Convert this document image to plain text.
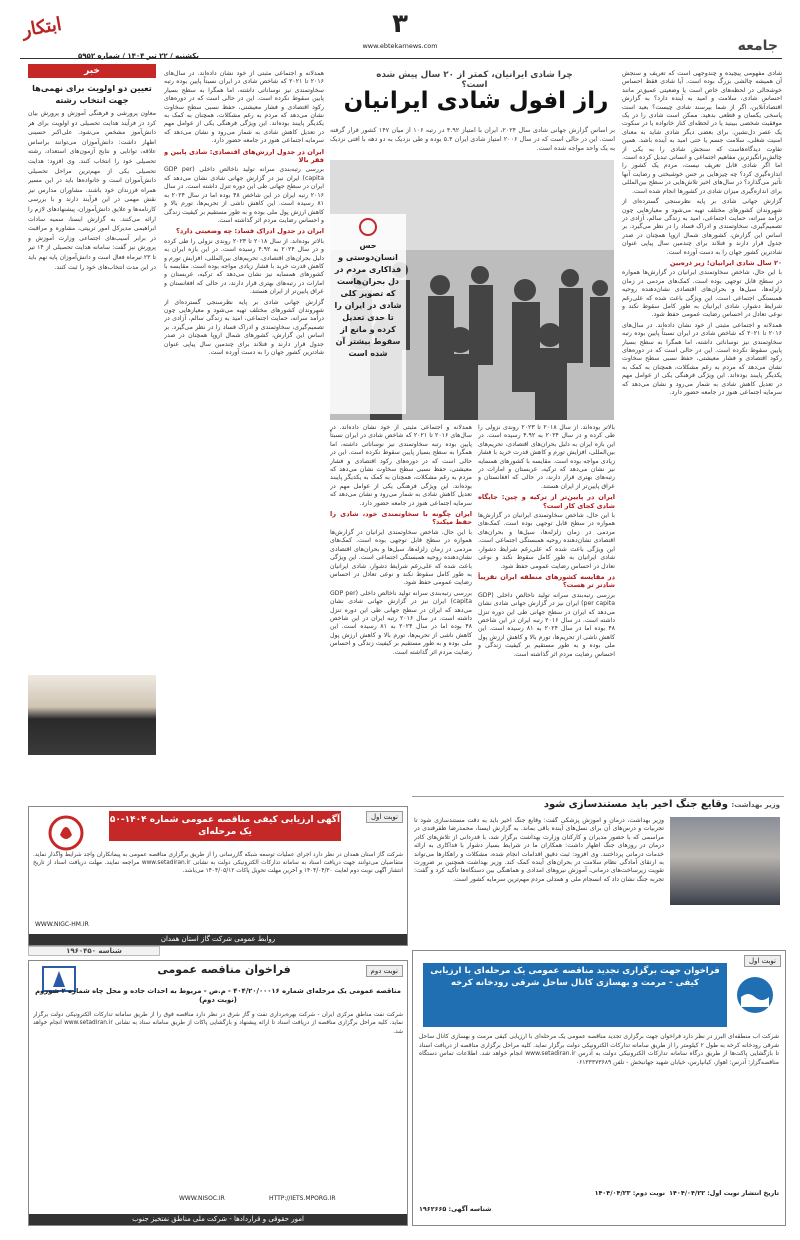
ابتکار
یکشنبه / ۲۲ تیر ۱۴۰۴ / شماره ۵۹۵۲
۳
www.ebtekarnews.com	جامعه
خبر
تعیین دو اولویت برای نهمی‌ها جهت انتخاب رشته
معاون پرورشی و فرهنگی آموزش و پرورش بیان کرد در فرآیند هدایت تحصیلی دو اولویت برای هر دانش‌آموز مشخص می‌شود. علی‌اکبر حسینی اظهار داشت: دانش‌آموزان می‌توانند براساس علاقه، توانایی و نتایج آزمون‌های استعداد، رشته تحصیلی خود را انتخاب کنند. وی افزود: هدایت تحصیلی یکی از مهم‌ترین مراحل تحصیلی دانش‌آموزان است و خانواده‌ها باید در این مسیر همراه فرزندان خود باشند. مشاوران مدارس نیز نقش مهمی در این فرآیند دارند و با بررسی کارنامه‌ها و علایق دانش‌آموزان، پیشنهادهای لازم را ارائه می‌کنند. به گزارش ایسنا، سمیه سادات ابراهیمی مدیرکل امور تربیتی، مشاوره و مراقبت در برابر آسیب‌های اجتماعی وزارت آموزش و پرورش نیز گفت: سامانه هدایت تحصیلی از ۱۴ تیر تا ۲۳ تیرماه فعال است و دانش‌آموزان پایه نهم باید در این مدت انتخاب‌های خود را ثبت کنند.
چرا شادی ایرانیان، کمتر از ۲۰ سال پیش شده است؟
راز افول شادی ایرانیان
بر اساس گزارش جهانی شادی سال ۲۰۲۴، ایران با امتیاز ۴.۹۲ در رتبه ۱۰۶ از میان ۱۴۷ کشور قرار گرفته است. این در حالی است که در سال ۲۰۰۶ امتیاز شادی ایران ۵.۴ بوده و طی نزدیک به دو دهه با افتی نزدیک به یک واحد مواجه شده است.
حس انسان‌دوستی و فداکاری مردم در دل بحران‌هاست که تصویر کلی شادی در ایران را تا حدی تعدیل کرده و مانع از سقوط بیشتر آن شده است

شادی مفهومی پیچیده و چندوجهی است که تعریف و سنجش آن همیشه چالشی بزرگ بوده است. آیا شادی فقط احساس خوشحالی در لحظه‌های خاص است یا وضعیتی عمیق‌تر مانند احساس شادی، سلامت و امید به آینده دارد؟ به گزارش اقتصادآنلاین، اگر از شما بپرسند شادی چیست؟ بعید است پاسخی یکسان و قطعی بدهید. ممکن است شادی را در یک موفقیت شخصی ببینید یا در لحظه‌ای کنار خانواده یا در سکوت یک عصر دل‌نشین. برای بعضی دیگر شادی شاید به معنای امنیت شغلی، سلامت جسم یا حتی امید به آینده باشد. همین تفاوت دیدگاه‌هاست که سنجش شادی را به یکی از چالش‌برانگیزترین مفاهیم اجتماعی و انسانی تبدیل کرده است. اما اگر شادی قابل تعریف نیست، مردم یک کشور را اندازه‌گیری کرد؟ چه چیزهایی بر حس خوشبختی و رضایت آنها تأثیر می‌گذارد؟ در سال‌های اخیر تلاش‌هایی در سطح بین‌المللی برای اندازه‌گیری میزان شادی در کشورها انجام شده است.

گزارش جهانی شادی بر پایه نظرسنجی گسترده‌ای از شهروندان کشورهای مختلف تهیه می‌شود و معیارهایی چون درآمد سرانه، حمایت اجتماعی، امید به زندگی سالم، آزادی در تصمیم‌گیری، سخاوتمندی و ادراک فساد را در نظر می‌گیرد. بر اساس این گزارش، کشورهای شمال اروپا همچنان در صدر جدول قرار دارند و فنلاند برای چندمین سال پیاپی عنوان شادترین کشور جهان را به دست آورده است.

۲۰ سال شادی ایرانیان؛ زیر ذره‌بین

با این حال، شاخص سخاوتمندی ایرانیان در گزارش‌ها همواره در سطح قابل توجهی بوده است. کمک‌های مردمی در زمان زلزله‌ها، سیل‌ها و بحران‌های اقتصادی نشان‌دهنده روحیه همبستگی اجتماعی است. این ویژگی باعث شده که علی‌رغم شرایط دشوار، شادی ایرانیان به طور کامل سقوط نکند و نوعی تعادل در احساس رضایت عمومی حفظ شود.

همدلانه و اجتماعی مثبتی از خود نشان داده‌اند. در سال‌های ۲۰۱۶ تا ۲۰۲۱ که شاخص شادی در ایران نسبتاً پایین بوده رتبه سخاوتمندی نیز نوساناتی داشته، اما همگرا به سطح بسیار پایین سقوط نکرده است. این در حالی است که در دوره‌های رکود اقتصادی و فشار معیشتی، حفظ نسبی سطح سخاوت نشان می‌دهد که مردم به رغم مشکلات، همچنان به کمک به یکدیگر پایبند بوده‌اند. این ویژگی فرهنگی یکی از عوامل مهم در تعدیل کاهش شادی به شمار می‌رود و نشان می‌دهد که سرمایه اجتماعی هنوز در جامعه حضور دارد.

بالاتر بوده‌اند. از سال ۲۰۱۸ تا ۲۰۲۳ روندی نزولی را طی کرده و در سال ۲۰۲۴ به ۴.۹۲ رسیده است. در این بازه ایران به دلیل بحران‌های اقتصادی، تحریم‌های بین‌المللی، افزایش تورم و کاهش قدرت خرید با فشار زیادی مواجه بوده است. مقایسه با کشورهای همسایه نیز نشان می‌دهد که ترکیه، عربستان و امارات در رتبه‌های بهتری قرار دارند، در حالی که افغانستان و عراق پایین‌تر از ایران هستند.

ایران در پایین‌تر از ترکیه و چین: جایگاه شادی کجای کار است؟

با این حال، شاخص سخاوتمندی ایرانیان در گزارش‌ها همواره در سطح قابل توجهی بوده است. کمک‌های مردمی در زمان زلزله‌ها، سیل‌ها و بحران‌های اقتصادی نشان‌دهنده روحیه همبستگی اجتماعی است. این ویژگی باعث شده که علی‌رغم شرایط دشوار، شادی ایرانیان به طور کامل سقوط نکند و نوعی تعادل در احساس رضایت عمومی حفظ شود.

در مقایسه کشورهای منطقه ایران تقریباً شادتر تر هست؟

بررسی رتبه‌بندی سرانه تولید ناخالص داخلی (GDP per capita) ایران نیز در گزارش جهانی شادی نشان می‌دهد که ایران در سطح جهانی طی این دوره تنزل داشته است. در سال ۲۰۱۶ رتبه ایران در این شاخص ۴۸ بوده اما در سال ۲۰۲۴ به ۸۱ رسیده است. این کاهش ناشی از تحریم‌ها، تورم بالا و کاهش ارزش پول ملی بوده و به طور مستقیم بر کیفیت زندگی و احساس رضایت مردم اثر گذاشته است.

همدلانه و اجتماعی مثبتی از خود نشان داده‌اند. در سال‌های ۲۰۱۶ تا ۲۰۲۱ که شاخص شادی در ایران نسبتاً پایین بوده رتبه سخاوتمندی نیز نوساناتی داشته، اما همگرا به سطح بسیار پایین سقوط نکرده است. این در حالی است که در دوره‌های رکود اقتصادی و فشار معیشتی، حفظ نسبی سطح سخاوت نشان می‌دهد که مردم به رغم مشکلات، همچنان به کمک به یکدیگر پایبند بوده‌اند. این ویژگی فرهنگی یکی از عوامل مهم در تعدیل کاهش شادی به شمار می‌رود و نشان می‌دهد که سرمایه اجتماعی هنوز در جامعه حضور دارد.

ایران چگونه با سخاوتمندی خود، شادی را حفظ میکند؟

با این حال، شاخص سخاوتمندی ایرانیان در گزارش‌ها همواره در سطح قابل توجهی بوده است. کمک‌های مردمی در زمان زلزله‌ها، سیل‌ها و بحران‌های اقتصادی نشان‌دهنده روحیه همبستگی اجتماعی است. این ویژگی باعث شده که علی‌رغم شرایط دشوار، شادی ایرانیان به طور کامل سقوط نکند و نوعی تعادل در احساس رضایت عمومی حفظ شود.

بررسی رتبه‌بندی سرانه تولید ناخالص داخلی (GDP per capita) ایران نیز در گزارش جهانی شادی نشان می‌دهد که ایران در سطح جهانی طی این دوره تنزل داشته است. در سال ۲۰۱۶ رتبه ایران در این شاخص ۴۸ بوده اما در سال ۲۰۲۴ به ۸۱ رسیده است. این کاهش ناشی از تحریم‌ها، تورم بالا و کاهش ارزش پول ملی بوده و به طور مستقیم بر کیفیت زندگی و احساس رضایت مردم اثر گذاشته است.

همدلانه و اجتماعی مثبتی از خود نشان داده‌اند. در سال‌های ۲۰۱۶ تا ۲۰۲۱ که شاخص شادی در ایران نسبتاً پایین بوده رتبه سخاوتمندی نیز نوساناتی داشته، اما همگرا به سطح بسیار پایین سقوط نکرده است. این در حالی است که در دوره‌های رکود اقتصادی و فشار معیشتی، حفظ نسبی سطح سخاوت نشان می‌دهد که مردم به رغم مشکلات، همچنان به کمک به یکدیگر پایبند بوده‌اند. این ویژگی فرهنگی یکی از عوامل مهم در تعدیل کاهش شادی به شمار می‌رود و نشان می‌دهد که سرمایه اجتماعی هنوز در جامعه حضور دارد.

ایران در جدول ارزش‌های اقتصادی: شادی پایین و فقر بالا

بررسی رتبه‌بندی سرانه تولید ناخالص داخلی (GDP per capita) ایران نیز در گزارش جهانی شادی نشان می‌دهد که ایران در سطح جهانی طی این دوره تنزل داشته است. در سال ۲۰۱۶ رتبه ایران در این شاخص ۴۸ بوده اما در سال ۲۰۲۴ به ۸۱ رسیده است. این کاهش ناشی از تحریم‌ها، تورم بالا و کاهش ارزش پول ملی بوده و به طور مستقیم بر کیفیت زندگی و احساس رضایت مردم اثر گذاشته است.

ایران در جدول ادراک فساد: چه وضعیتی دارد؟

بالاتر بوده‌اند. از سال ۲۰۱۸ تا ۲۰۲۳ روندی نزولی را طی کرده و در سال ۲۰۲۴ به ۴.۹۲ رسیده است. در این بازه ایران به دلیل بحران‌های اقتصادی، تحریم‌های بین‌المللی، افزایش تورم و کاهش قدرت خرید با فشار زیادی مواجه بوده است. مقایسه با کشورهای همسایه نیز نشان می‌دهد که ترکیه، عربستان و امارات در رتبه‌های بهتری قرار دارند، در حالی که افغانستان و عراق پایین‌تر از ایران هستند.

گزارش جهانی شادی بر پایه نظرسنجی گسترده‌ای از شهروندان کشورهای مختلف تهیه می‌شود و معیارهایی چون درآمد سرانه، حمایت اجتماعی، امید به زندگی سالم، آزادی در تصمیم‌گیری، سخاوتمندی و ادراک فساد را در نظر می‌گیرد. بر اساس این گزارش، کشورهای شمال اروپا همچنان در صدر جدول قرار دارند و فنلاند برای چندمین سال پیاپی عنوان شادترین کشور جهان را به دست آورده است.

وزیر بهداشت:
وقایع جنگ اخیر باید مستندسازی شود
وزیر بهداشت، درمان و آموزش پزشکی گفت: وقایع جنگ اخیر باید به دقت مستندسازی شود تا تجربیات و درس‌های آن برای نسل‌های آینده باقی بماند. به گزارش ایسنا، محمدرضا ظفرقندی در مراسمی که با حضور مدیران و کارکنان وزارت بهداشت برگزار شد، با قدردانی از تلاش‌های کادر درمان در روزهای جنگ اظهار داشت: همکاران ما در شرایط بسیار دشوار با فداکاری به ارائه خدمات درمانی پرداختند. وی افزود: ثبت دقیق اقدامات انجام شده، مشکلات و راهکارها می‌تواند به ارتقای آمادگی نظام سلامت در بحران‌های آینده کمک کند. وزیر بهداشت همچنین بر ضرورت تقویت زیرساخت‌های درمانی، آموزش نیروهای امدادی و هماهنگی بین دستگاه‌ها تأکید کرد و گفت: تجربه جنگ نشان داد که انسجام ملی و همدلی مردم مهم‌ترین سرمایه کشور است.
نوبت اول
آگهی ارزیابی کیفی مناقصه عمومی شماره ۱۴۰۴-۵۰ یک مرحله‌ای
شرکت گاز استان همدان در نظر دارد اجرای عملیات توسعه شبکه گازرسانی را از طریق برگزاری مناقصه عمومی به پیمانکاران واجد شرایط واگذار نماید. متقاضیان می‌توانند جهت دریافت اسناد به سامانه تدارکات الکترونیکی دولت به نشانی www.setadiran.ir مراجعه نمایند. مهلت دریافت اسناد از تاریخ انتشار آگهی نوبت دوم لغایت ۱۴۰۴/۰۴/۳۰ و آخرین مهلت تحویل پاکات ۱۴۰۴/۰۵/۱۲ می‌باشد.
WWW.NIGC-HM.IR
روابط عمومی شرکت گاز استان همدان
شناسه ۱۹۶۰۴۵۰
نوبت دوم
فراخوان مناقصه عمومی
مناقصه عمومی یک مرحله‌ای شماره ۴۰۴/۲۰/۰۰۰۱۶ - م.ص - مربوط به احداث جاده و محل چاه شماره ۲ شوروم (نوبت دوم)
شرکت نفت مناطق مرکزی ایران - شرکت بهره‌برداری نفت و گاز شرق در نظر دارد مناقصه فوق را از طریق سامانه تدارکات الکترونیکی دولت برگزار نماید. کلیه مراحل برگزاری مناقصه از دریافت اسناد تا ارائه پیشنهاد و بازگشایی پاکات از طریق سامانه ستاد به نشانی www.setadiran.ir انجام خواهد شد.
WWW.NISOC.IR	HTTP://IETS.MPORG.IR
امور حقوقی و قراردادها - شرکت ملی مناطق نفتخیز جنوب
نوبت اول
فراخوان جهت برگزاری تجدید مناقصه عمومی یک مرحله‌ای با ارزیابی کیفی - مرمت و بهسازی کانال ساحل شرقی رودخانه کرخه
شرکت آب منطقه‌ای البرز در نظر دارد فراخوان جهت برگزاری تجدید مناقصه عمومی یک مرحله‌ای با ارزیابی کیفی مرمت و بهسازی کانال ساحل شرقی رودخانه کرخه به طول ۲ کیلومتر را از طریق سامانه تدارکات الکترونیکی دولت برگزار نماید. کلیه مراحل برگزاری مناقصه از دریافت اسناد تا بازگشایی پاکت‌ها از طریق درگاه سامانه تدارکات الکترونیکی دولت به آدرس www.setadiran.ir انجام خواهد شد. اطلاعات تماس دستگاه مناقصه‌گزار: آدرس: اهواز، کیانپارس، خیابان شهید جهانبخش - تلفن ۰۶۱۳۳۳۷۳۶۸۹
تاریخ انتشار نوبت اول: ۱۴۰۴/۰۴/۲۲
نوبت دوم: ۱۴۰۴/۰۴/۲۳
شناسه آگهی: ۱۹۶۲۶۶۵
